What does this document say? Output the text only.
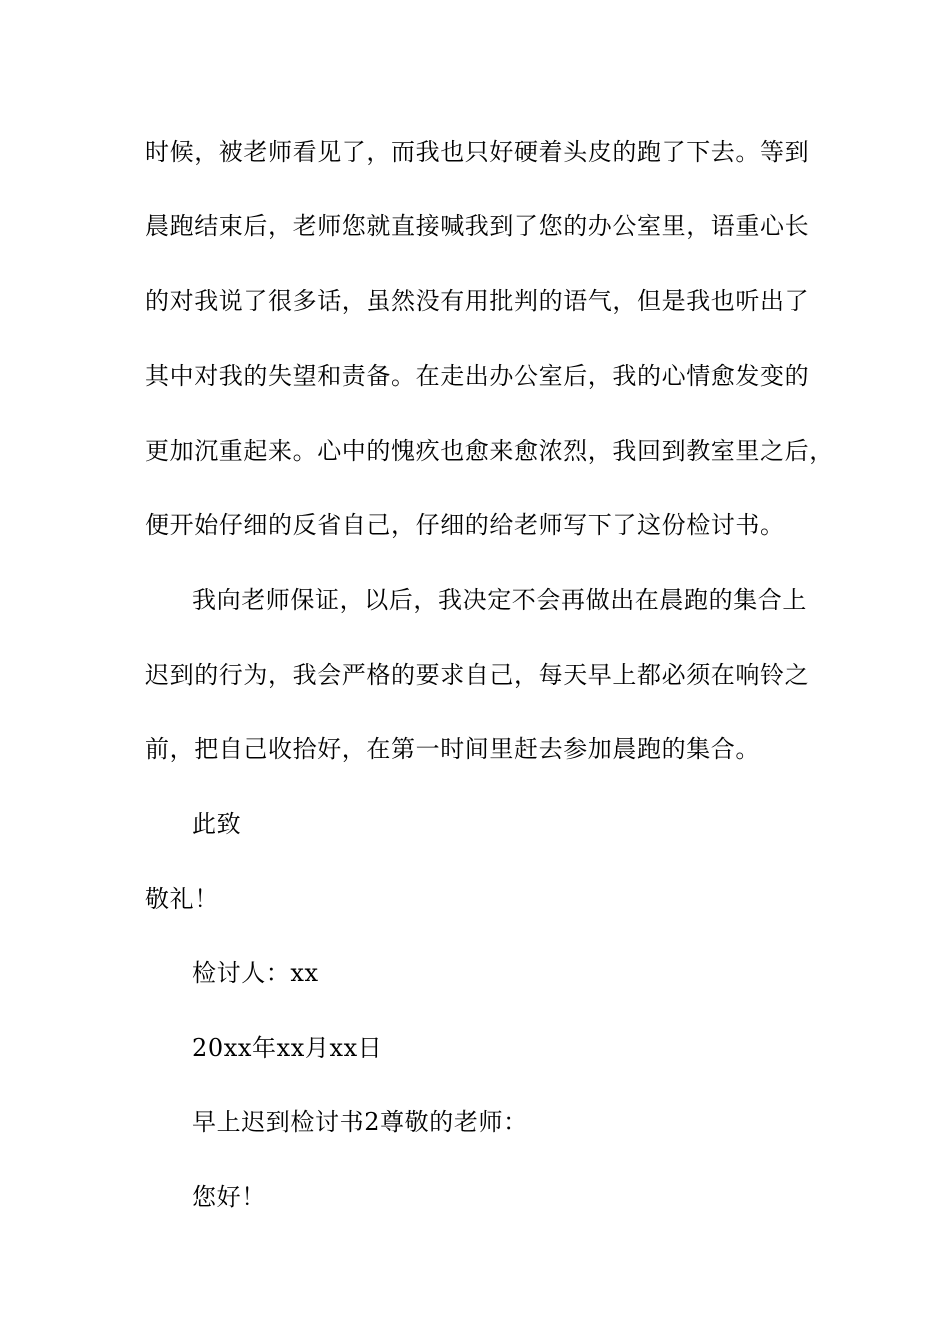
时候，被老师看见了，而我也只好硬着头皮的跑了下去。等到
晨跑结束后，老师您就直接喊我到了您的办公室里，语重心长
的对我说了很多话，虽然没有用批判的语气，但是我也听出了
其中对我的失望和责备。在走出办公室后，我的心情愈发变的
更加沉重起来。心中的愧疚也愈来愈浓烈，我回到教室里之后，
便开始仔细的反省自己，仔细的给老师写下了这份检讨书。
我向老师保证，以后，我决定不会再做出在晨跑的集合上
迟到的行为，我会严格的要求自己，每天早上都必须在响铃之
前，把自己收拾好，在第一时间里赶去参加晨跑的集合。
此致
敬礼！
检讨人：xx
20xx年xx月xx日
早上迟到检讨书2尊敬的老师：
您好！
